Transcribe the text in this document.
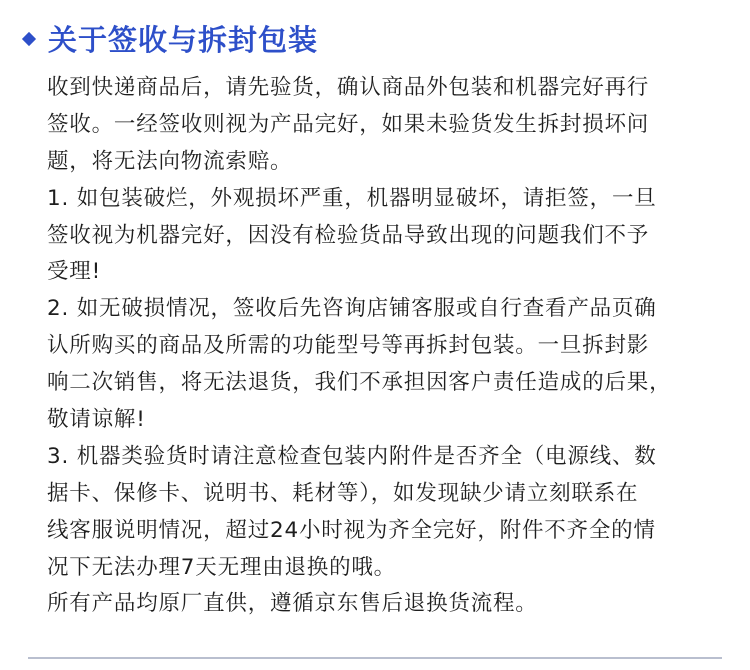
关于签收与拆封包装
收到快递商品后，请先验货，确认商品外包装和机器完好再行
签收。一经签收则视为产品完好，如果未验货发生拆封损坏问
题，将无法向物流索赔。
1. 如包装破烂，外观损坏严重，机器明显破坏，请拒签，一旦
签收视为机器完好，因没有检验货品导致出现的问题我们不予
受理!
2. 如无破损情况，签收后先咨询店铺客服或自行查看产品页确
认所购买的商品及所需的功能型号等再拆封包装。一旦拆封影
响二次销售，将无法退货，我们不承担因客户责任造成的后果，
敬请谅解!
3. 机器类验货时请注意检查包装内附件是否齐全（电源线、数
据卡、保修卡、说明书、耗材等），如发现缺少请立刻联系在
线客服说明情况，超过24小时视为齐全完好，附件不齐全的情
况下无法办理7天无理由退换的哦。
所有产品均原厂直供，遵循京东售后退换货流程。
